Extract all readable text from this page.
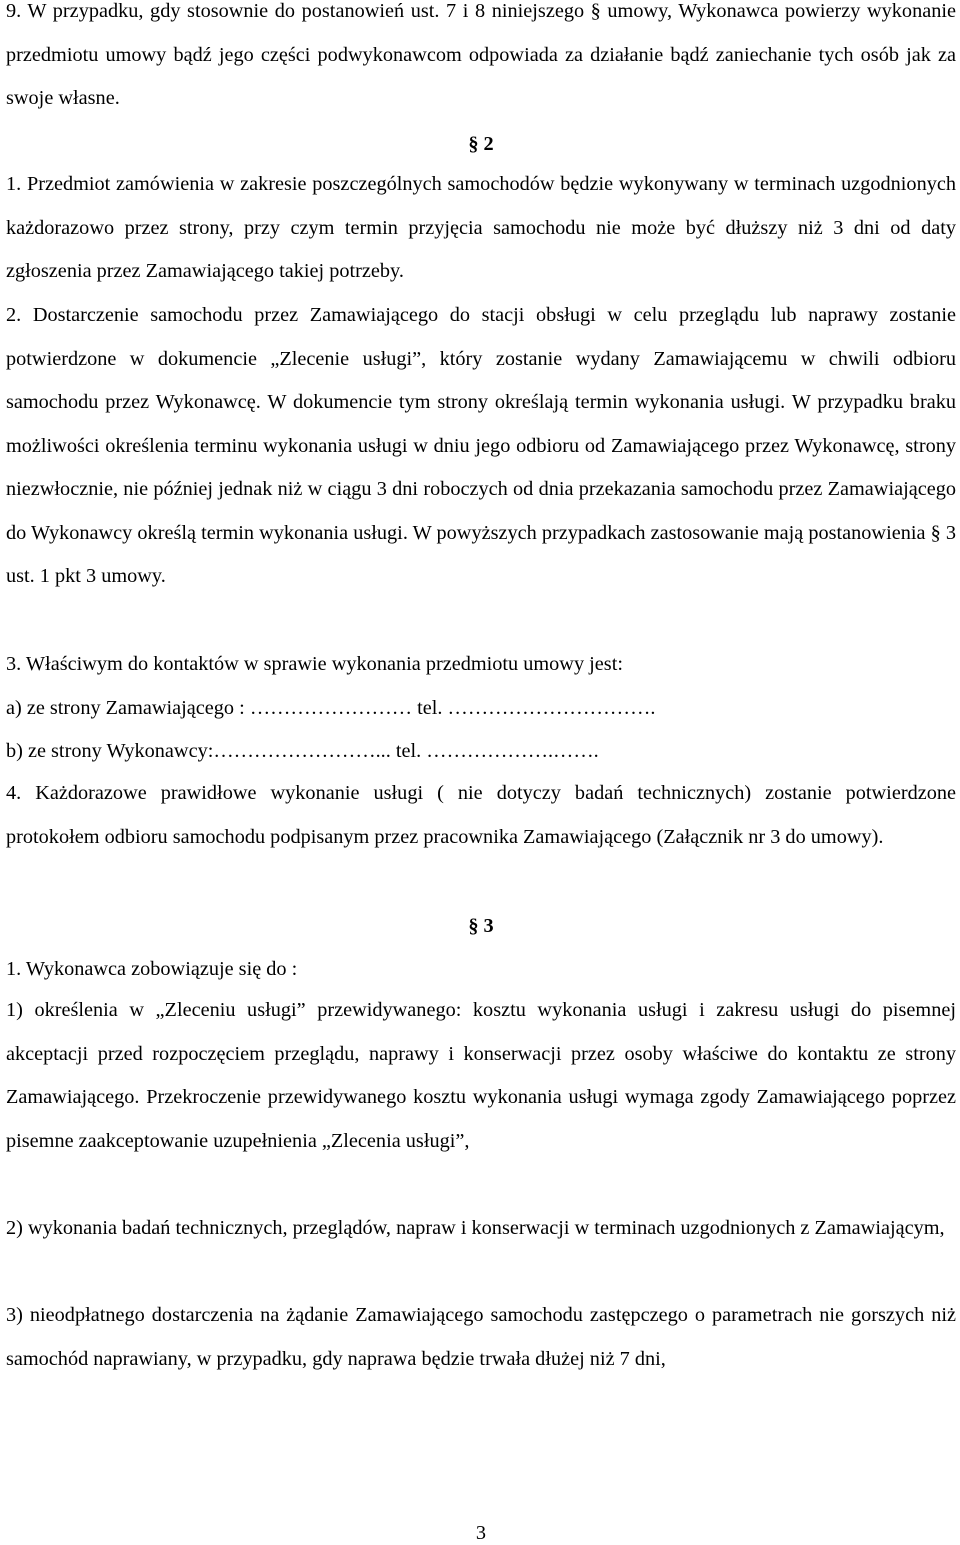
9. W przypadku, gdy stosownie do postanowień ust. 7 i 8 niniejszego § umowy, Wykonawca powierzy wykonanie przedmiotu umowy bądź jego części podwykonawcom odpowiada za działanie bądź zaniechanie tych osób jak za swoje własne.

§ 2

1. Przedmiot zamówienia w zakresie poszczególnych samochodów będzie wykonywany w terminach uzgodnionych każdorazowo przez strony, przy czym termin przyjęcia samochodu nie może być dłuższy niż 3 dni od daty zgłoszenia przez Zamawiającego takiej potrzeby.

2. Dostarczenie samochodu przez Zamawiającego do stacji obsługi w celu przeglądu lub naprawy zostanie potwierdzone w dokumencie „Zlecenie usługi”, który zostanie wydany Zamawiającemu w chwili odbioru samochodu przez Wykonawcę. W dokumencie tym strony określają termin wykonania usługi. W przypadku braku możliwości określenia terminu wykonania usługi w dniu jego odbioru od Zamawiającego przez Wykonawcę, strony niezwłocznie, nie później jednak niż w ciągu 3 dni roboczych od dnia przekazania samochodu przez Zamawiającego do Wykonawcy określą termin wykonania usługi. W powyższych przypadkach zastosowanie mają postanowienia § 3 ust. 1 pkt 3 umowy.

3. Właściwym do kontaktów w sprawie wykonania przedmiotu umowy jest:

a) ze strony Zamawiającego : …………………… tel. ………………………….

b) ze strony Wykonawcy:……………………... tel. ……………….…….

4. Każdorazowe prawidłowe wykonanie usługi ( nie dotyczy badań technicznych) zostanie potwierdzone protokołem odbioru samochodu podpisanym przez pracownika Zamawiającego (Załącznik nr 3 do umowy).

§ 3

1. Wykonawca zobowiązuje się do :

1) określenia w „Zleceniu usługi” przewidywanego: kosztu wykonania usługi i zakresu usługi do pisemnej akceptacji przed rozpoczęciem przeglądu, naprawy i konserwacji przez osoby właściwe do kontaktu ze strony Zamawiającego. Przekroczenie przewidywanego kosztu wykonania usługi wymaga zgody Zamawiającego poprzez pisemne zaakceptowanie uzupełnienia „Zlecenia usługi”,

2) wykonania badań technicznych, przeglądów, napraw i konserwacji w terminach uzgodnionych z Zamawiającym,

3) nieodpłatnego dostarczenia na żądanie Zamawiającego samochodu zastępczego o parametrach nie gorszych niż samochód naprawiany, w przypadku, gdy naprawa będzie trwała dłużej niż 7 dni,

3
